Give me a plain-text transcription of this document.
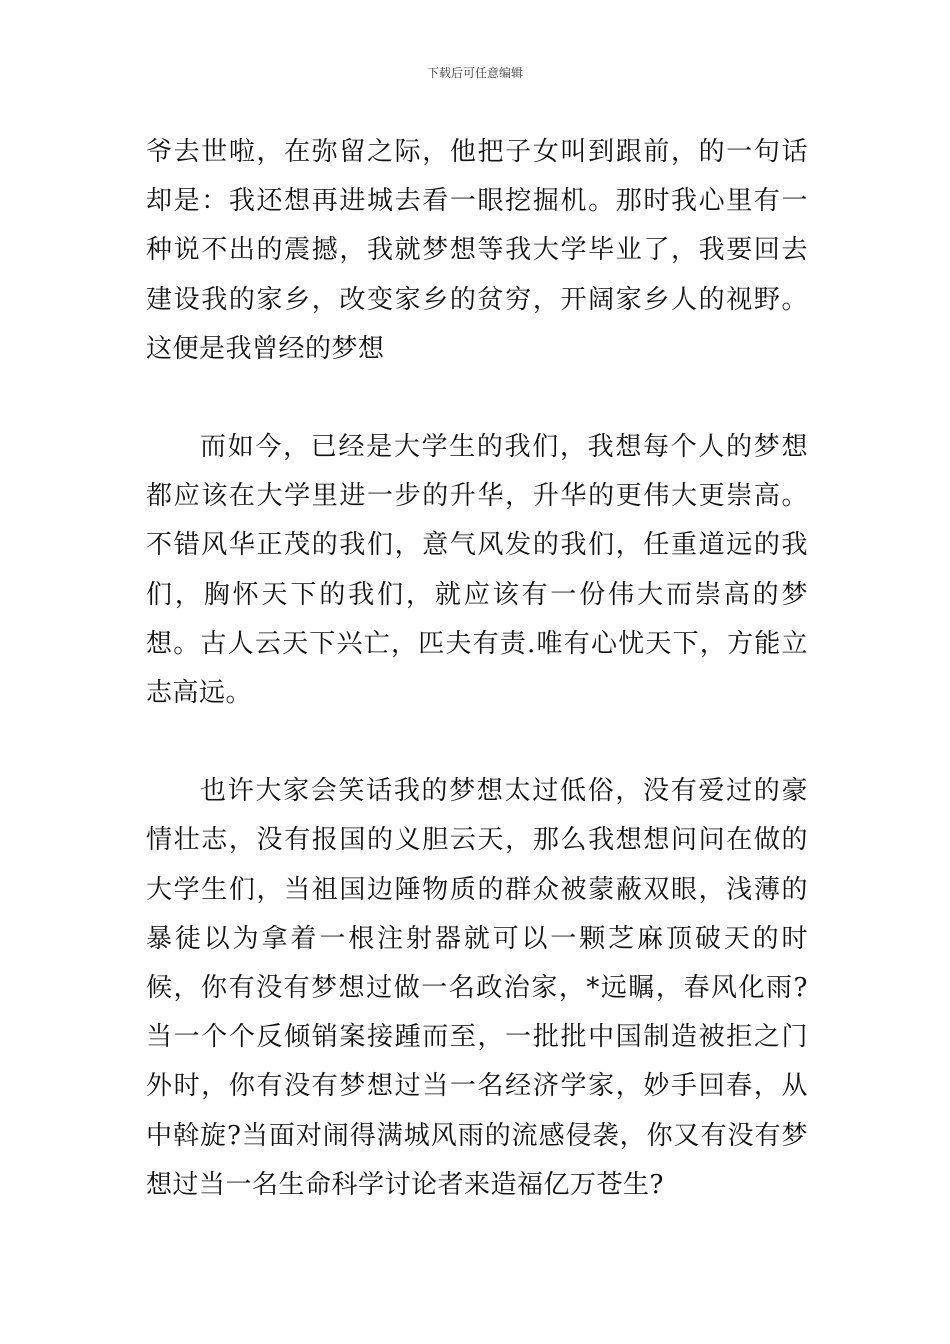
下载后可任意编辑

爷去世啦，在弥留之际，他把子女叫到跟前，的一句话却是：我还想再进城去看一眼挖掘机。那时我心里有一种说不出的震撼，我就梦想等我大学毕业了，我要回去建设我的家乡，改变家乡的贫穷，开阔家乡人的视野。这便是我曾经的梦想

而如今，已经是大学生的我们，我想每个人的梦想都应该在大学里进一步的升华，升华的更伟大更崇高。不错风华正茂的我们，意气风发的我们，任重道远的我们，胸怀天下的我们，就应该有一份伟大而崇高的梦想。古人云天下兴亡，匹夫有责.唯有心忧天下，方能立志高远。

也许大家会笑话我的梦想太过低俗，没有爱过的豪情壮志，没有报国的义胆云天，那么我想想问问在做的大学生们，当祖国边陲物质的群众被蒙蔽双眼，浅薄的暴徒以为拿着一根注射器就可以一颗芝麻顶破天的时候，你有没有梦想过做一名政治家，*远瞩，春风化雨?当一个个反倾销案接踵而至，一批批中国制造被拒之门外时，你有没有梦想过当一名经济学家，妙手回春，从中斡旋?当面对闹得满城风雨的流感侵袭，你又有没有梦想过当一名生命科学讨论者来造福亿万苍生?
